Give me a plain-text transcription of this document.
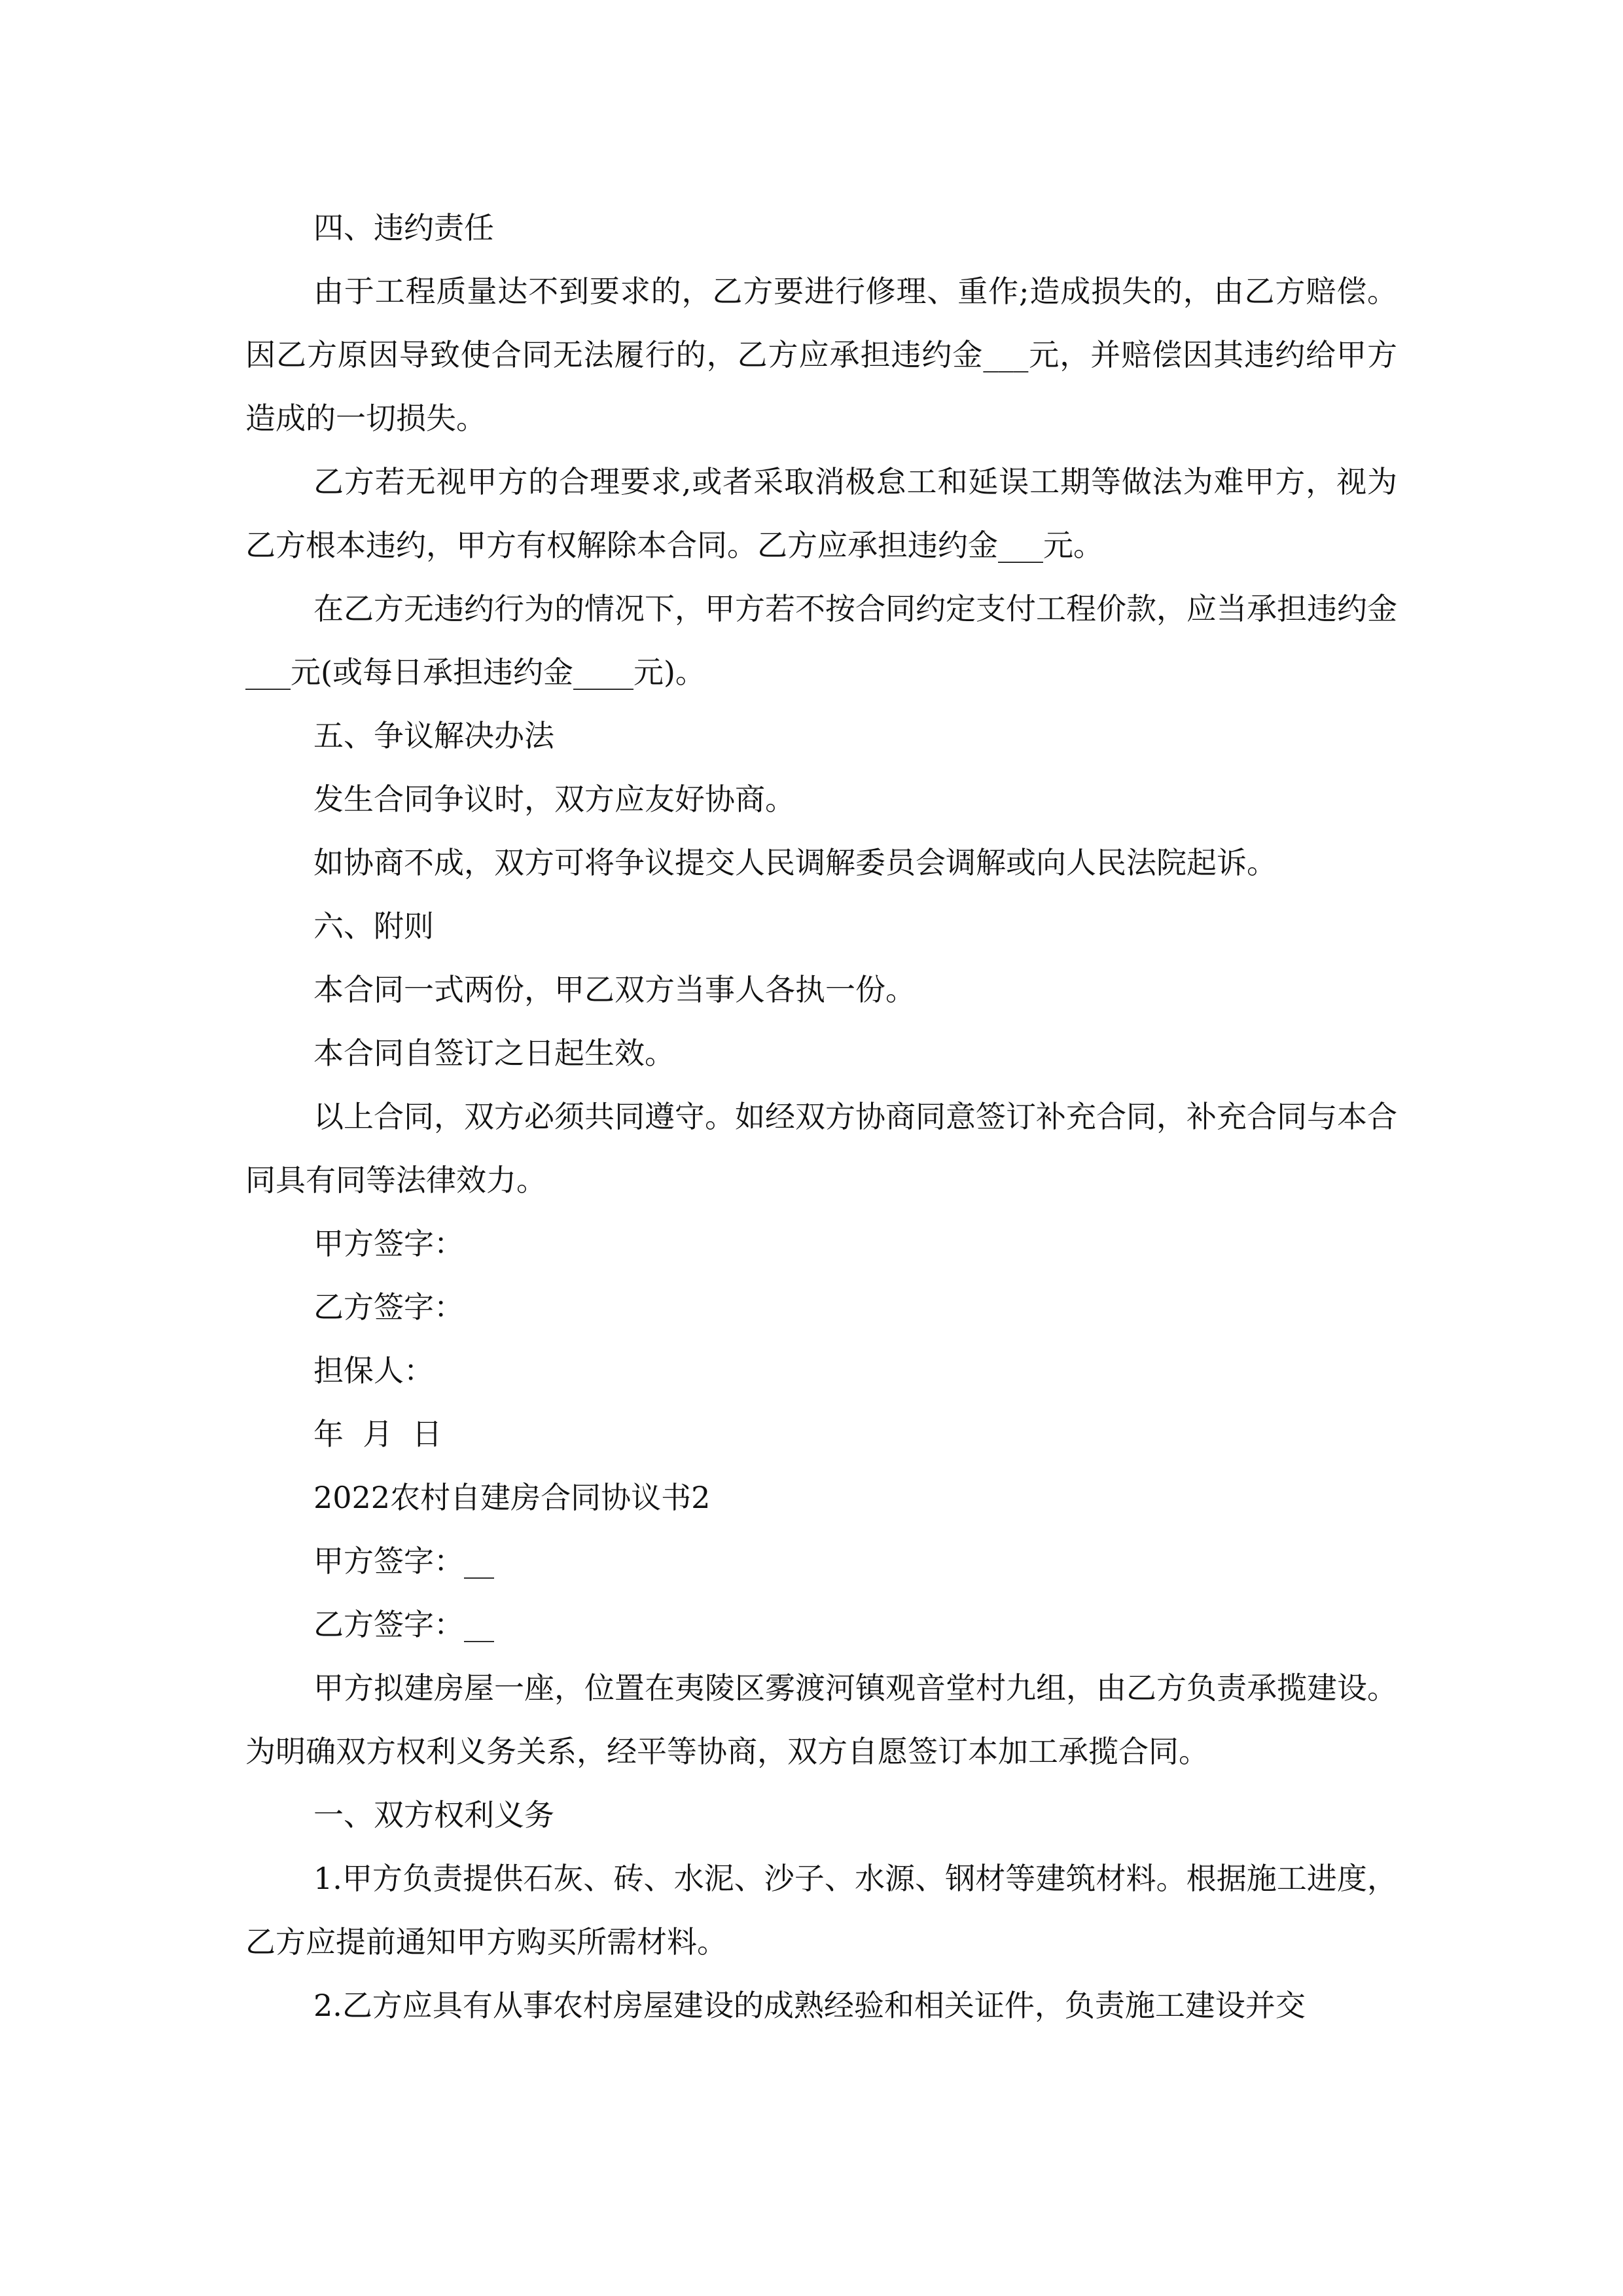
四、违约责任

由于工程质量达不到要求的，乙方要进行修理、重作;造成损失的，由乙方赔偿。因乙方原因导致使合同无法履行的，乙方应承担违约金___元，并赔偿因其违约给甲方造成的一切损失。

乙方若无视甲方的合理要求,或者采取消极怠工和延误工期等做法为难甲方，视为乙方根本违约，甲方有权解除本合同。乙方应承担违约金___元。

在乙方无违约行为的情况下，甲方若不按合同约定支付工程价款，应当承担违约金___元(或每日承担违约金____元)。

五、争议解决办法

发生合同争议时，双方应友好协商。

如协商不成，双方可将争议提交人民调解委员会调解或向人民法院起诉。

六、附则

本合同一式两份，甲乙双方当事人各执一份。

本合同自签订之日起生效。

以上合同，双方必须共同遵守。如经双方协商同意签订补充合同，补充合同与本合同具有同等法律效力。

甲方签字：

乙方签字：

担保人：

年  月  日

2022农村自建房合同协议书2

甲方签字：__

乙方签字：__

甲方拟建房屋一座，位置在夷陵区雾渡河镇观音堂村九组，由乙方负责承揽建设。为明确双方权利义务关系，经平等协商，双方自愿签订本加工承揽合同。

一、双方权利义务

1.甲方负责提供石灰、砖、水泥、沙子、水源、钢材等建筑材料。根据施工进度，乙方应提前通知甲方购买所需材料。

2.乙方应具有从事农村房屋建设的成熟经验和相关证件，负责施工建设并交
